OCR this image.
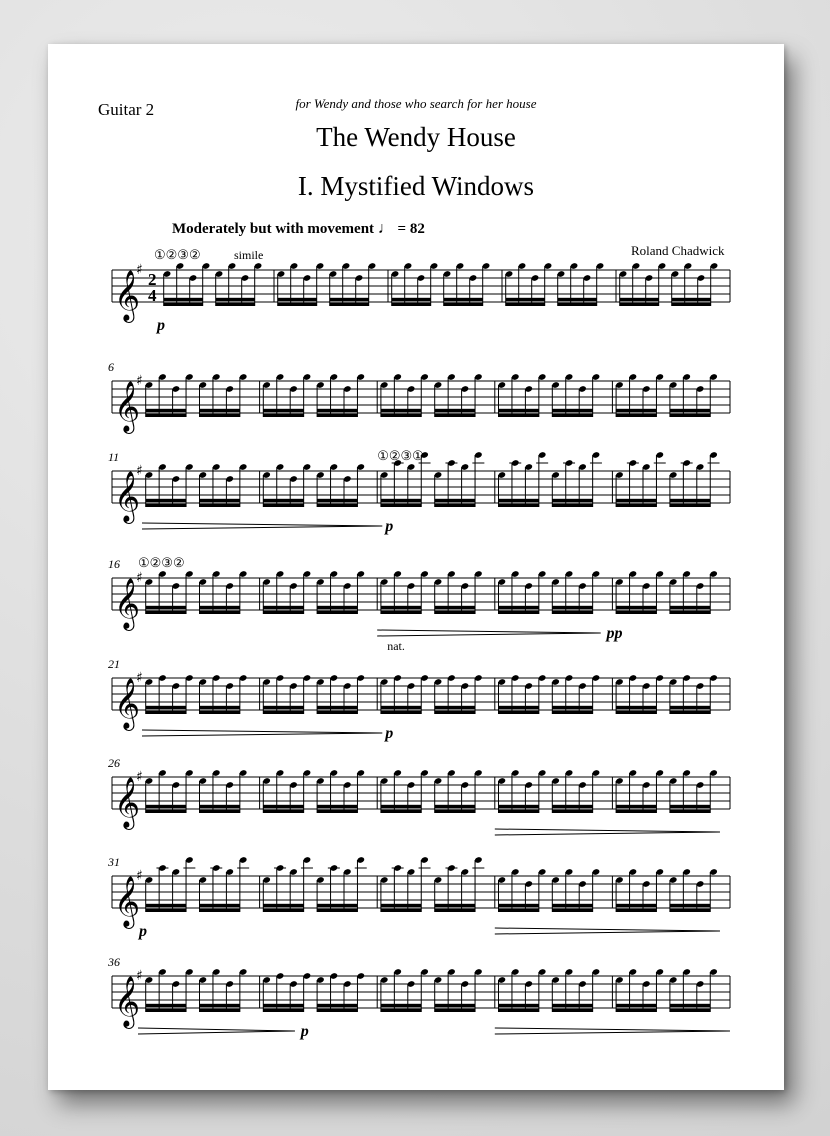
Guitar 2	for Wendy and those who search for her house
The Wendy House
I. Mystified Windows
Moderately but with movement ♩ = 82
Roland Chadwick
𝄞
♯ 2
4
①②③②	simile
p
𝄞
♯
6
𝄞
♯
11	①②③①
p
𝄞
♯
16 ①②③②
pp
𝄞
♯
21
nat.
p
𝄞
♯
26
𝄞
♯
31
p
𝄞
♯
36
p
